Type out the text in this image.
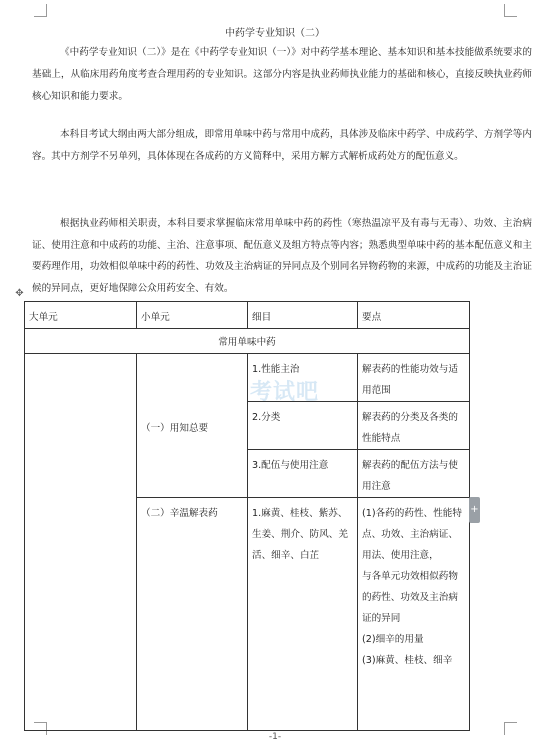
中药学专业知识（二）

《中药学专业知识（二）》是在《中药学专业知识（一）》对中药学基本理论、基本知识和基本技能做系统要求的基础上，从临床用药角度考查合理用药的专业知识。这部分内容是执业药师执业能力的基础和核心，直接反映执业药师核心知识和能力要求。

本科目考试大纲由两大部分组成，即常用单味中药与常用中成药，具体涉及临床中药学、中成药学、方剂学等内容。其中方剂学不另单列，具体体现在各成药的方义简释中，采用方解方式解析成药处方的配伍意义。

根据执业药师相关职责，本科目要求掌握临床常用单味中药的药性（寒热温凉平及有毒与无毒）、功效、主治病证、使用注意和中成药的功能、主治、注意事项、配伍意义及组方特点等内容；熟悉典型单味中药的基本配伍意义和主要药理作用，功效相似单味中药的药性、功效及主治病证的异同点及个别同名异物药物的来源，中成药的功能及主治证候的异同点，更好地保障公众用药安全、有效。

✥
考试吧
大单元	小单元	细目	要点
常用单味中药			
	（一）用知总要	1.性能主治	解表药的性能功效与适用范围
		2.分类	解表药的分类及各类的性能特点
		3.配伍与使用注意	解表药的配伍方法与使用注意
	（二）辛温解表药	1.麻黄、桂枝、紫苏、生姜、荆介、防风、羌活、细辛、白芷	(1)各药的药性、性能特点、功效、主治病证、用法、使用注意，
与各单元功效相似药物的药性、功效及主治病证的异同
(2)细辛的用量
(3)麻黄、桂枝、细辛
+
-1-
